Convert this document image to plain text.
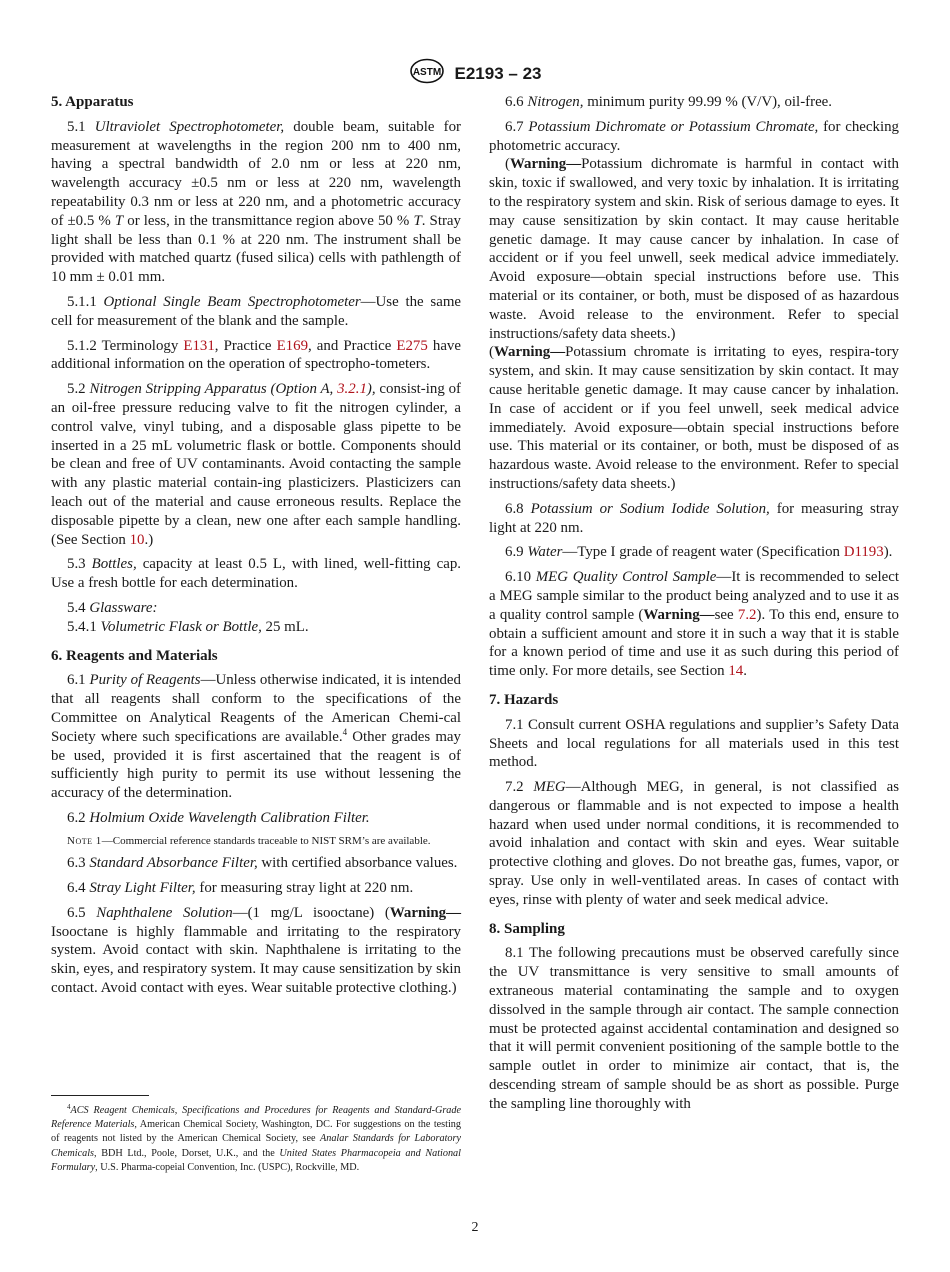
ASTM E2193 – 23
5. Apparatus

5.1 Ultraviolet Spectrophotometer, double beam, suitable for measurement at wavelengths in the region 200 nm to 400 nm, having a spectral bandwidth of 2.0 nm or less at 220 nm, wavelength accuracy ±0.5 nm or less at 220 nm, wavelength repeatability 0.3 nm or less at 220 nm, and a photometric accuracy of ±0.5 % T or less, in the transmittance region above 50 % T. Stray light shall be less than 0.1 % at 220 nm. The instrument shall be provided with matched quartz (fused silica) cells with pathlength of 10 mm ± 0.01 mm.

5.1.1 Optional Single Beam Spectrophotometer—Use the same cell for measurement of the blank and the sample.

5.1.2 Terminology E131, Practice E169, and Practice E275 have additional information on the operation of spectropho-tometers.

5.2 Nitrogen Stripping Apparatus (Option A, 3.2.1), consist-ing of an oil-free pressure reducing valve to fit the nitrogen cylinder, a control valve, vinyl tubing, and a disposable glass pipette to be inserted in a 25 mL volumetric flask or bottle. Components should be clean and free of UV contaminants. Avoid contacting the sample with any plastic material contain-ing plasticizers. Plasticizers can leach out of the material and cause erroneous results. Replace the disposable pipette by a clean, new one after each sample handling. (See Section 10.)

5.3 Bottles, capacity at least 0.5 L, with lined, well-fitting cap. Use a fresh bottle for each determination.

5.4 Glassware:

5.4.1 Volumetric Flask or Bottle, 25 mL.

6. Reagents and Materials

6.1 Purity of Reagents—Unless otherwise indicated, it is intended that all reagents shall conform to the specifications of the Committee on Analytical Reagents of the American Chemi-cal Society where such specifications are available.$^4$ Other grades may be used, provided it is first ascertained that the reagent is of sufficiently high purity to permit its use without lessening the accuracy of the determination.

6.2 Holmium Oxide Wavelength Calibration Filter.

Note 1—Commercial reference standards traceable to NIST SRM’s are available.

6.3 Standard Absorbance Filter, with certified absorbance values.

6.4 Stray Light Filter, for measuring stray light at 220 nm.

6.5 Naphthalene Solution—(1 mg/L isooctane) (Warning—Isooctane is highly flammable and irritating to the respiratory system. Avoid contact with skin. Naphthalene is irritating to the skin, eyes, and respiratory system. It may cause sensitization by skin contact. Avoid contact with eyes. Wear suitable protective clothing.)

$^4$ACS Reagent Chemicals, Specifications and Procedures for Reagents and Standard-Grade Reference Materials, American Chemical Society, Washington, DC. For suggestions on the testing of reagents not listed by the American Chemical Society, see Analar Standards for Laboratory Chemicals, BDH Ltd., Poole, Dorset, U.K., and the United States Pharmacopeia and National Formulary, U.S. Pharma-copeial Convention, Inc. (USPC), Rockville, MD.

6.6 Nitrogen, minimum purity 99.99 % (V/V), oil-free.

6.7 Potassium Dichromate or Potassium Chromate, for checking photometric accuracy.

(Warning—Potassium dichromate is harmful in contact with skin, toxic if swallowed, and very toxic by inhalation. It is irritating to the respiratory system and skin. Risk of serious damage to eyes. It may cause sensitization by skin contact. It may cause heritable genetic damage. It may cause cancer by inhalation. In case of accident or if you feel unwell, seek medical advice immediately. Avoid exposure—obtain special instructions before use. This material or its container, or both, must be disposed of as hazardous waste. Avoid release to the environment. Refer to special instructions/safety data sheets.)

(Warning—Potassium chromate is irritating to eyes, respira-tory system, and skin. It may cause sensitization by skin contact. It may cause heritable genetic damage. It may cause cancer by inhalation. In case of accident or if you feel unwell, seek medical advice immediately. Avoid exposure—obtain special instructions before use. This material or its container, or both, must be disposed of as hazardous waste. Avoid release to the environment. Refer to special instructions/safety data sheets.)

6.8 Potassium or Sodium Iodide Solution, for measuring stray light at 220 nm.

6.9 Water—Type I grade of reagent water (Specification D1193).

6.10 MEG Quality Control Sample—It is recommended to select a MEG sample similar to the product being analyzed and to use it as a quality control sample (Warning—see 7.2). To this end, ensure to obtain a sufficient amount and store it in such a way that it is stable for a known period of time and use it as such during this period of time only. For more details, see Section 14.

7. Hazards

7.1 Consult current OSHA regulations and supplier’s Safety Data Sheets and local regulations for all materials used in this test method.

7.2 MEG—Although MEG, in general, is not classified as dangerous or flammable and is not expected to impose a health hazard when used under normal conditions, it is recommended to avoid inhalation and contact with skin and eyes. Wear suitable protective clothing and gloves. Do not breathe gas, fumes, vapor, or spray. Use only in well-ventilated areas. In cases of contact with eyes, rinse with plenty of water and seek medical advice.

8. Sampling

8.1 The following precautions must be observed carefully since the UV transmittance is very sensitive to small amounts of extraneous material contaminating the sample and to oxygen dissolved in the sample through air contact. The sample connection must be protected against accidental contamination and designed so that it will permit convenient positioning of the sample bottle to the sample outlet in order to minimize air contact, that is, the descending stream of sample should be as short as possible. Purge the sampling line thoroughly with

2
